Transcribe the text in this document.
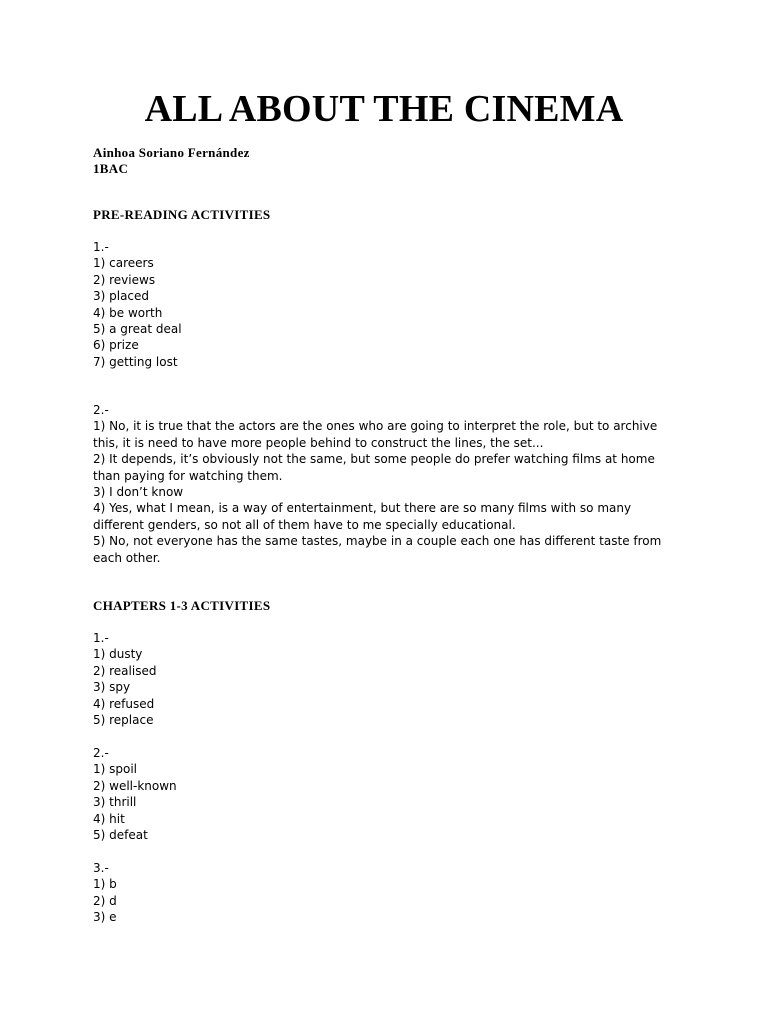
ALL ABOUT THE CINEMA

Ainhoa Soriano Fernández

1BAC

PRE-READING ACTIVITIES

1.-

1) careers

2) reviews

3) placed

4) be worth

5) a great deal

6) prize

7) getting lost

2.-

1) No, it is true that the actors are the ones who are going to interpret the role, but to archive this, it is need to have more people behind to construct the lines, the set...

2) It depends, it’s obviously not the same, but some people do prefer watching films at home than paying for watching them.

3) I don’t know

4) Yes, what I mean, is a way of entertainment, but there are so many films with so many different genders, so not all of them have to me specially educational.

5) No, not everyone has the same tastes, maybe in a couple each one has different taste from each other.

CHAPTERS 1-3 ACTIVITIES

1.-

1) dusty

2) realised

3) spy

4) refused

5) replace

2.-

1) spoil

2) well-known

3) thrill

4) hit

5) defeat

3.-

1) b

2) d

3) e
